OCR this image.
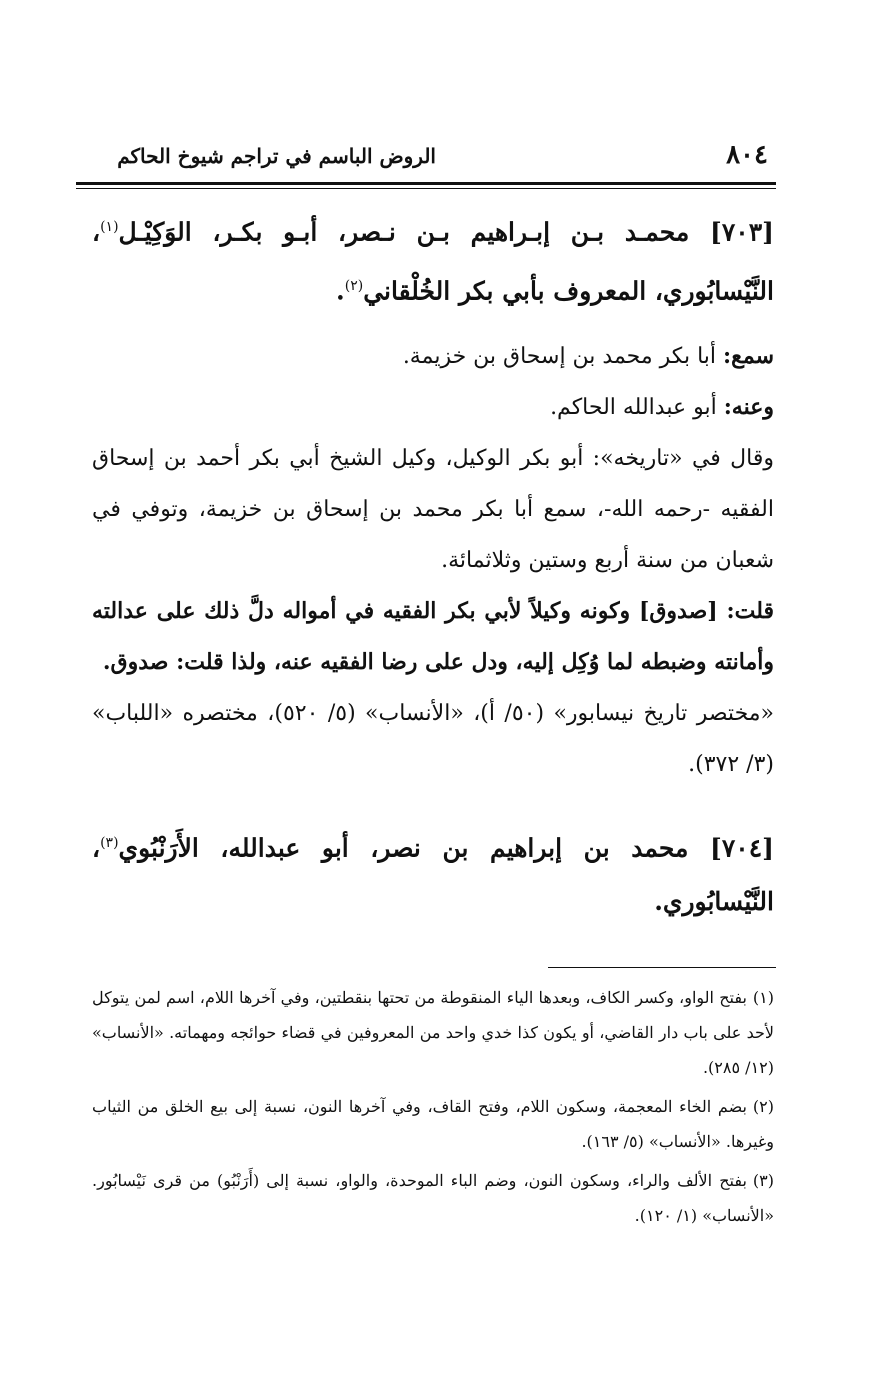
٨٠٤
الروض الباسم في تراجم شيوخ الحاكم

[٧٠٣] محمـد بـن إبـراهيم بـن نـصر، أبـو بكـر، الوَكِيْـل$^{(١)}$، النَّيْسابُوري، المعروف بأبي بكر الخُلْقاني$^{(٢)}$.

سمع: أبا بكر محمد بن إسحاق بن خزيمة.

وعنه: أبو عبدالله الحاكم.

وقال في «تاريخه»: أبو بكر الوكيل، وكيل الشيخ أبي بكر أحمد بن إسحاق الفقيه -رحمه الله-، سمع أبا بكر محمد بن إسحاق بن خزيمة، وتوفي في شعبان من سنة أربع وستين وثلاثمائة.

قلت: [صدوق] وكونه وكيلاً لأبي بكر الفقيه في أمواله دلَّ ذلك على عدالته وأمانته وضبطه لما وُكِل إليه، ودل على رضا الفقيه عنه، ولذا قلت: صدوق.

«مختصر تاريخ نيسابور» (٥٠/ أ)، «الأنساب» (٥/ ٥٢٠)، مختصره «اللباب» (٣/ ٣٧٢).

[٧٠٤] محمد بن إبراهيم بن نصر، أبو عبدالله، الأَرَنْبُوي$^{(٣)}$، النَّيْسابُوري.

(١)بفتح الواو، وكسر الكاف، وبعدها الياء المنقوطة من تحتها بنقطتين، وفي آخرها اللام، اسم لمن يتوكل لأحد على باب دار القاضي، أو يكون كذا خدي واحد من المعروفين في قضاء حوائجه ومهماته. «الأنساب» (١٢/ ٢٨٥).

(٢)بضم الخاء المعجمة، وسكون اللام، وفتح القاف، وفي آخرها النون، نسبة إلى بيع الخلق من الثياب وغيرها. «الأنساب» (٥/ ١٦٣).

(٣)بفتح الألف والراء، وسكون النون، وضم الباء الموحدة، والواو، نسبة إلى (أَرَنْبُو) من قرى نَيْسابُور. «الأنساب» (١/ ١٢٠).
